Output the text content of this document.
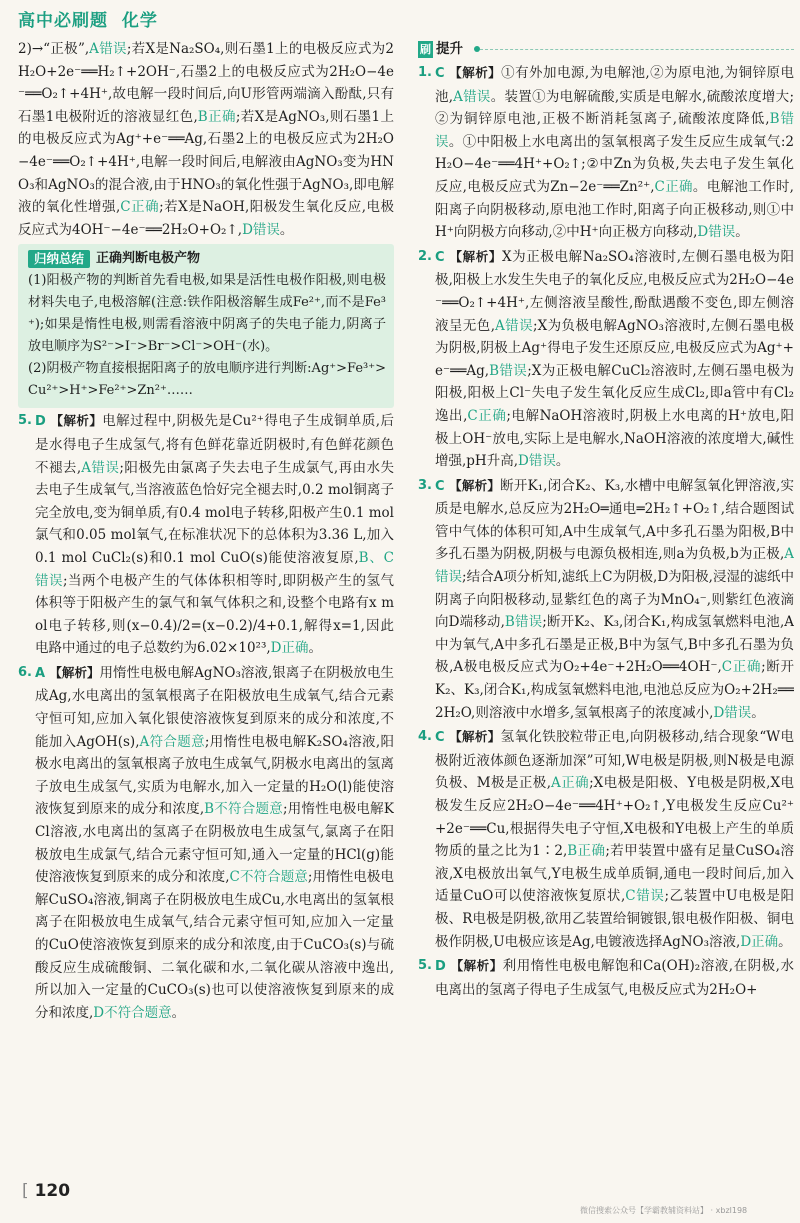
高中必刷题  化学

2)→“正极”,A错误;若X是Na₂SO₄,则石墨1上的电极反应式为2H₂O+2e⁻══H₂↑+2OH⁻,石墨2上的电极反应式为2H₂O−4e⁻══O₂↑+4H⁺,故电解一段时间后,向U形管两端滴入酚酞,只有石墨1电极附近的溶液显红色,B正确;若X是AgNO₃,则石墨1上的电极反应式为Ag⁺+e⁻══Ag,石墨2上的电极反应式为2H₂O−4e⁻══O₂↑+4H⁺,电解一段时间后,电解液由AgNO₃变为HNO₃和AgNO₃的混合液,由于HNO₃的氧化性强于AgNO₃,即电解液的氧化性增强,C正确;若X是NaOH,阳极发生氧化反应,电极反应式为4OH⁻−4e⁻══2H₂O+O₂↑,D错误。

归纳总结 正确判断电极产物

(1)阳极产物的判断首先看电极,如果是活性电极作阳极,则电极材料失电子,电极溶解(注意:铁作阳极溶解生成Fe²⁺,而不是Fe³⁺);如果是惰性电极,则需看溶液中阴离子的失电子能力,阴离子放电顺序为S²⁻>I⁻>Br⁻>Cl⁻>OH⁻(水)。

(2)阴极产物直接根据阳离子的放电顺序进行判断:Ag⁺>Fe³⁺>Cu²⁺>H⁺>Fe²⁺>Zn²⁺……

5. D 【解析】电解过程中,阴极先是Cu²⁺得电子生成铜单质,后是水得电子生成氢气,将有色鲜花靠近阴极时,有色鲜花颜色不褪去,A错误;阳极先由氯离子失去电子生成氯气,再由水失去电子生成氧气,当溶液蓝色恰好完全褪去时,0.2 mol铜离子完全放电,变为铜单质,有0.4 mol电子转移,阳极产生0.1 mol氯气和0.05 mol氧气,在标准状况下的总体积为3.36 L,加入0.1 mol CuCl₂(s)和0.1 mol CuO(s)能使溶液复原,B、C错误;当两个电极产生的气体体积相等时,即阴极产生的氢气体积等于阳极产生的氯气和氧气体积之和,设整个电路有x mol电子转移,则(x−0.4)/2=(x−0.2)/4+0.1,解得x=1,因此电路中通过的电子总数约为6.02×10²³,D正确。

6. A 【解析】用惰性电极电解AgNO₃溶液,银离子在阴极放电生成Ag,水电离出的氢氧根离子在阳极放电生成氧气,结合元素守恒可知,应加入氧化银使溶液恢复到原来的成分和浓度,不能加入AgOH(s),A符合题意;用惰性电极电解K₂SO₄溶液,阳极水电离出的氢氧根离子放电生成氧气,阴极水电离出的氢离子放电生成氢气,实质为电解水,加入一定量的H₂O(l)能使溶液恢复到原来的成分和浓度,B不符合题意;用惰性电极电解KCl溶液,水电离出的氢离子在阴极放电生成氢气,氯离子在阳极放电生成氯气,结合元素守恒可知,通入一定量的HCl(g)能使溶液恢复到原来的成分和浓度,C不符合题意;用惰性电极电解CuSO₄溶液,铜离子在阴极放电生成Cu,水电离出的氢氧根离子在阳极放电生成氧气,结合元素守恒可知,应加入一定量的CuO使溶液恢复到原来的成分和浓度,由于CuCO₃(s)与硫酸反应生成硫酸铜、二氧化碳和水,二氧化碳从溶液中逸出,所以加入一定量的CuCO₃(s)也可以使溶液恢复到原来的成分和浓度,D不符合题意。

刷 提升
1. C 【解析】①有外加电源,为电解池,②为原电池,为铜锌原电池,A错误。装置①为电解硫酸,实质是电解水,硫酸浓度增大;②为铜锌原电池,正极不断消耗氢离子,硫酸浓度降低,B错误。①中阳极上水电离出的氢氧根离子发生反应生成氧气:2H₂O−4e⁻══4H⁺+O₂↑;②中Zn为负极,失去电子发生氧化反应,电极反应式为Zn−2e⁻══Zn²⁺,C正确。电解池工作时,阳离子向阴极移动,原电池工作时,阳离子向正极移动,则①中H⁺向阴极方向移动,②中H⁺向正极方向移动,D错误。

2. C 【解析】X为正极电解Na₂SO₄溶液时,左侧石墨电极为阳极,阳极上水发生失电子的氧化反应,电极反应式为2H₂O−4e⁻══O₂↑+4H⁺,左侧溶液呈酸性,酚酞遇酸不变色,即左侧溶液呈无色,A错误;X为负极电解AgNO₃溶液时,左侧石墨电极为阴极,阴极上Ag⁺得电子发生还原反应,电极反应式为Ag⁺+e⁻══Ag,B错误;X为正极电解CuCl₂溶液时,左侧石墨电极为阳极,阳极上Cl⁻失电子发生氧化反应生成Cl₂,即a管中有Cl₂逸出,C正确;电解NaOH溶液时,阴极上水电离的H⁺放电,阳极上OH⁻放电,实际上是电解水,NaOH溶液的浓度增大,碱性增强,pH升高,D错误。

3. C 【解析】断开K₁,闭合K₂、K₃,水槽中电解氢氧化钾溶液,实质是电解水,总反应为2H₂O═通电═2H₂↑+O₂↑,结合题图试管中气体的体积可知,A中生成氧气,A中多孔石墨为阳极,B中多孔石墨为阴极,阴极与电源负极相连,则a为负极,b为正极,A错误;结合A项分析知,滤纸上C为阴极,D为阳极,浸湿的滤纸中阴离子向阳极移动,显紫红色的离子为MnO₄⁻,则紫红色液滴向D端移动,B错误;断开K₂、K₃,闭合K₁,构成氢氧燃料电池,A中为氧气,A中多孔石墨是正极,B中为氢气,B中多孔石墨为负极,A极电极反应式为O₂+4e⁻+2H₂O══4OH⁻,C正确;断开K₂、K₃,闭合K₁,构成氢氧燃料电池,电池总反应为O₂+2H₂══2H₂O,则溶液中水增多,氢氧根离子的浓度减小,D错误。

4. C 【解析】氢氧化铁胶粒带正电,向阴极移动,结合现象“W电极附近液体颜色逐渐加深”可知,W电极是阴极,则N极是电源负极、M极是正极,A正确;X电极是阳极、Y电极是阴极,X电极发生反应2H₂O−4e⁻══4H⁺+O₂↑,Y电极发生反应Cu²⁺+2e⁻══Cu,根据得失电子守恒,X电极和Y电极上产生的单质物质的量之比为1∶2,B正确;若甲装置中盛有足量CuSO₄溶液,X电极放出氧气,Y电极生成单质铜,通电一段时间后,加入适量CuO可以使溶液恢复原状,C错误;乙装置中U电极是阳极、R电极是阴极,欲用乙装置给铜镀银,银电极作阳极、铜电极作阴极,U电极应该是Ag,电镀液选择AgNO₃溶液,D正确。

5. D 【解析】利用惰性电极电解饱和Ca(OH)₂溶液,在阴极,水电离出的氢离子得电子生成氢气,电极反应式为2H₂O+

[ 120
微信搜索公众号【学霸教辅资料站】 · xbzl198
